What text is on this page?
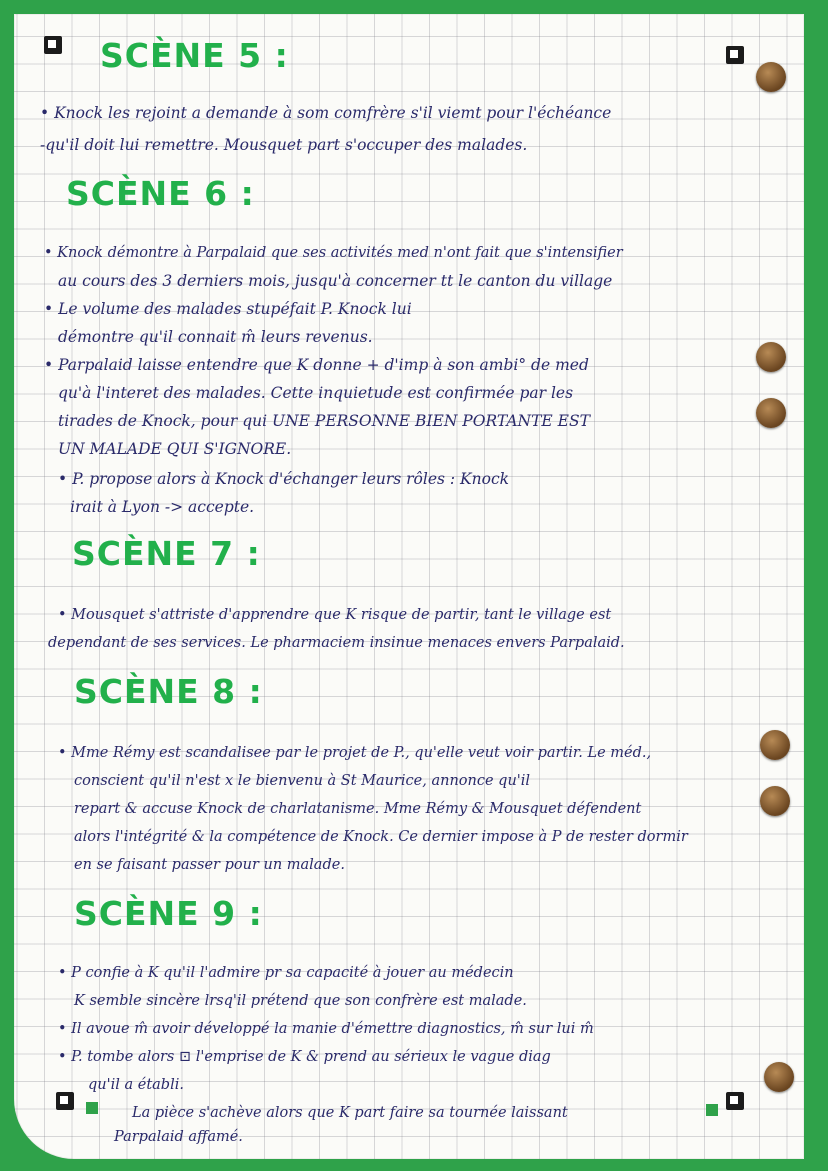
SCÈNE 5 :

• Knock les rejoint a demande à som comfrère s'il viemt pour l'échéance

-qu'il doit lui remettre. Mousquet part s'occuper des malades.

SCÈNE 6 :

• Knock démontre à Parpalaid que ses activités med n'ont fait que s'intensifier

au cours des 3 derniers mois, jusqu'à concerner tt le canton du village

• Le volume des malades stupéfait P. Knock lui

démontre qu'il connait m̂ leurs revenus.

• Parpalaid laisse entendre que K donne + d'imp à son ambi° de med

qu'à l'interet des malades. Cette inquietude est confirmée par les

tirades de Knock, pour qui UNE PERSONNE BIEN PORTANTE EST

UN MALADE QUI S'IGNORE.

• P. propose alors à Knock d'échanger leurs rôles : Knock

irait à Lyon -> accepte.

SCÈNE 7 :

• Mousquet s'attriste d'apprendre que K risque de partir, tant le village est

dependant de ses services. Le pharmaciem insinue menaces envers Parpalaid.

SCÈNE 8 :

• Mme Rémy est scandalisee par le projet de P., qu'elle veut voir partir. Le méd.,

conscient qu'il n'est x le bienvenu à St Maurice, annonce qu'il

repart & accuse Knock de charlatanisme. Mme Rémy & Mousquet défendent

alors l'intégrité & la compétence de Knock. Ce dernier impose à P de rester dormir

en se faisant passer pour un malade.

SCÈNE 9 :

• P confie à K qu'il l'admire pr sa capacité à jouer au médecin

K semble sincère lrsq'il prétend que son confrère est malade.

• Il avoue m̂ avoir développé la manie d'émettre diagnostics, m̂ sur lui m̂

• P. tombe alors ⊡ l'emprise de K & prend au sérieux le vague diag

qu'il a établi.

La pièce s'achève alors que K part faire sa tournée laissant

Parpalaid affamé.
